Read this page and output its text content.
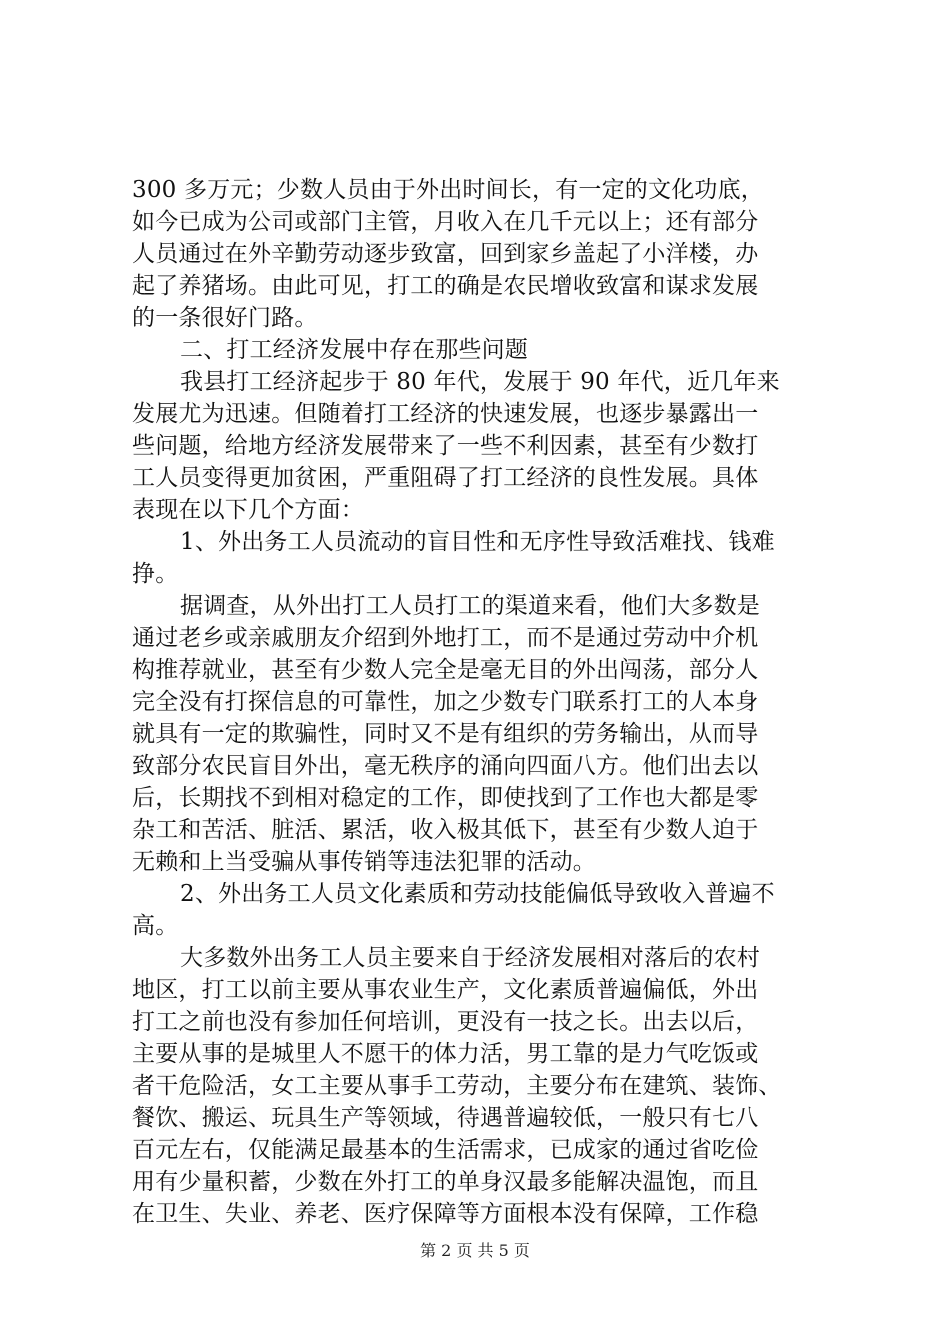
300 多万元；少数人员由于外出时间长，有一定的文化功底，
如今已成为公司或部门主管，月收入在几千元以上；还有部分
人员通过在外辛勤劳动逐步致富，回到家乡盖起了小洋楼，办
起了养猪场。由此可见，打工的确是农民增收致富和谋求发展
的一条很好门路。
二、打工经济发展中存在那些问题
我县打工经济起步于 80 年代，发展于 90 年代，近几年来
发展尤为迅速。但随着打工经济的快速发展，也逐步暴露出一
些问题，给地方经济发展带来了一些不利因素，甚至有少数打
工人员变得更加贫困，严重阻碍了打工经济的良性发展。具体
表现在以下几个方面：
1、外出务工人员流动的盲目性和无序性导致活难找、钱难
挣。
据调查，从外出打工人员打工的渠道来看，他们大多数是
通过老乡或亲戚朋友介绍到外地打工，而不是通过劳动中介机
构推荐就业，甚至有少数人完全是毫无目的外出闯荡，部分人
完全没有打探信息的可靠性，加之少数专门联系打工的人本身
就具有一定的欺骗性，同时又不是有组织的劳务输出，从而导
致部分农民盲目外出，毫无秩序的涌向四面八方。他们出去以
后，长期找不到相对稳定的工作，即使找到了工作也大都是零
杂工和苦活、脏活、累活，收入极其低下，甚至有少数人迫于
无赖和上当受骗从事传销等违法犯罪的活动。
2、外出务工人员文化素质和劳动技能偏低导致收入普遍不
高。
大多数外出务工人员主要来自于经济发展相对落后的农村
地区，打工以前主要从事农业生产，文化素质普遍偏低，外出
打工之前也没有参加任何培训，更没有一技之长。出去以后，
主要从事的是城里人不愿干的体力活，男工靠的是力气吃饭或
者干危险活，女工主要从事手工劳动，主要分布在建筑、装饰、
餐饮、搬运、玩具生产等领域，待遇普遍较低，一般只有七八
百元左右，仅能满足最基本的生活需求，已成家的通过省吃俭
用有少量积蓄，少数在外打工的单身汉最多能解决温饱，而且
在卫生、失业、养老、医疗保障等方面根本没有保障，工作稳
第 2 页 共 5 页
